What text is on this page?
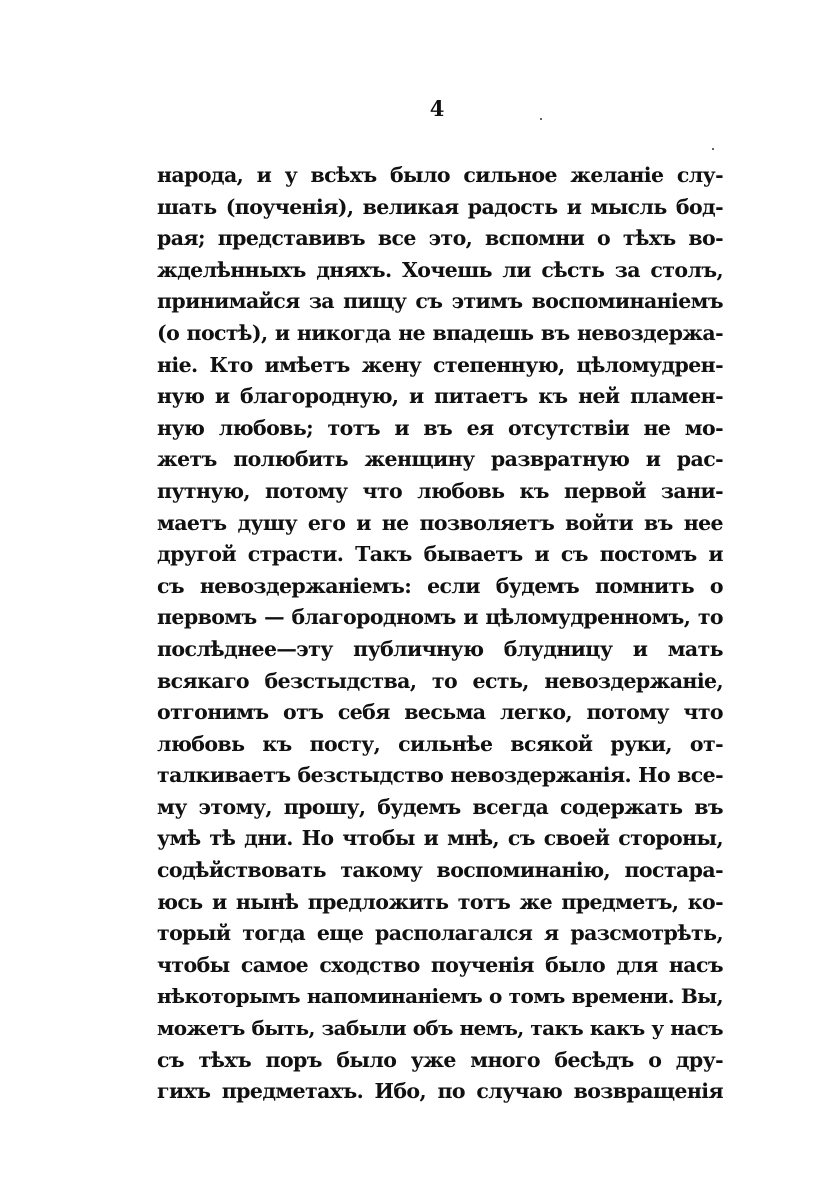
4
народа, и у всѣхъ было сильное желаніе слу-
шать (поученія), великая радость и мысль бод-
рая; представивъ все это, вспомни о тѣхъ во-
жделѣнныхъ дняхъ. Хочешь ли сѣсть за столъ,
принимайся за пищу съ этимъ воспоминаніемъ
(о постѣ), и никогда не впадешь въ невоздержа-
ніе. Кто имѣетъ жену степенную, цѣломудрен-
ную и благородную, и питаетъ къ ней пламен-
ную любовь; тотъ и въ ея отсутствіи не мо-
жетъ полюбить женщину развратную и рас-
путную, потому что любовь къ первой зани-
маетъ душу его и не позволяетъ войти въ нее
другой страсти. Такъ бываетъ и съ постомъ и
съ невоздержаніемъ: если будемъ помнить о
первомъ — благородномъ и цѣломудренномъ, то
послѣднее—эту публичную блудницу и мать
всякаго безстыдства, то есть, невоздержаніе,
отгонимъ отъ себя весьма легко, потому что
любовь къ посту, сильнѣе всякой руки, от-
талкиваетъ безстыдство невоздержанія. Но все-
му этому, прошу, будемъ всегда содержать въ
умѣ тѣ дни. Но чтобы и мнѣ, съ своей стороны,
содѣйствовать такому воспоминанію, постара-
юсь и нынѣ предложить тотъ же предметъ, ко-
торый тогда еще располагался я разсмотрѣть,
чтобы самое сходство поученія было для насъ
нѣкоторымъ напоминаніемъ о томъ времени. Вы,
можетъ быть, забыли объ немъ, такъ какъ у насъ
съ тѣхъ поръ было уже много бесѣдъ о дру-
гихъ предметахъ. Ибо, по случаю возвращенія
